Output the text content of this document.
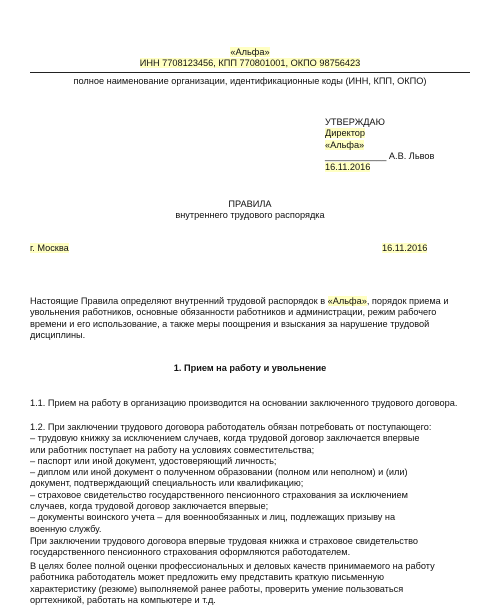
«Альфа»
ИНН 7708123456, КПП 770801001, ОКПО 98756423
полное наименование организации, идентификационные коды (ИНН, КПП, ОКПО)
УТВЕРЖДАЮ
Директор
«Альфа»
____________ А.В. Львов
16.11.2016
ПРАВИЛА
внутреннего трудового распорядка
г. Москва	16.11.2016

Настоящие Правила определяют внутренний трудовой распорядок в «Альфа», порядок приема и увольнения работников, основные обязанности работников и администрации, режим рабочего времени и его использование, а также меры поощрения и взыскания за нарушение трудовой дисциплины.

1. Прием на работу и увольнение

1.1. Прием на работу в организацию производится на основании заключенного трудового договора.

1.2. При заключении трудового договора работодатель обязан потребовать от поступающего:
– трудовую книжку за исключением случаев, когда трудовой договор заключается впервые
или работник поступает на работу на условиях совместительства;
– паспорт или иной документ, удостоверяющий личность;
– диплом или иной документ о полученном образовании (полном или неполном) и (или)
документ, подтверждающий специальность или квалификацию;
– страховое свидетельство государственного пенсионного страхования за исключением
случаев, когда трудовой договор заключается впервые;
– документы воинского учета – для военнообязанных и лиц, подлежащих призыву на
военную службу.
При заключении трудового договора впервые трудовая книжка и страховое свидетельство
государственного пенсионного страхования оформляются работодателем.
В целях более полной оценки профессиональных и деловых качеств принимаемого на работу
работника работодатель может предложить ему представить краткую письменную
характеристику (резюме) выполняемой ранее работы, проверить умение пользоваться
оргтехникой, работать на компьютере и т.д.
